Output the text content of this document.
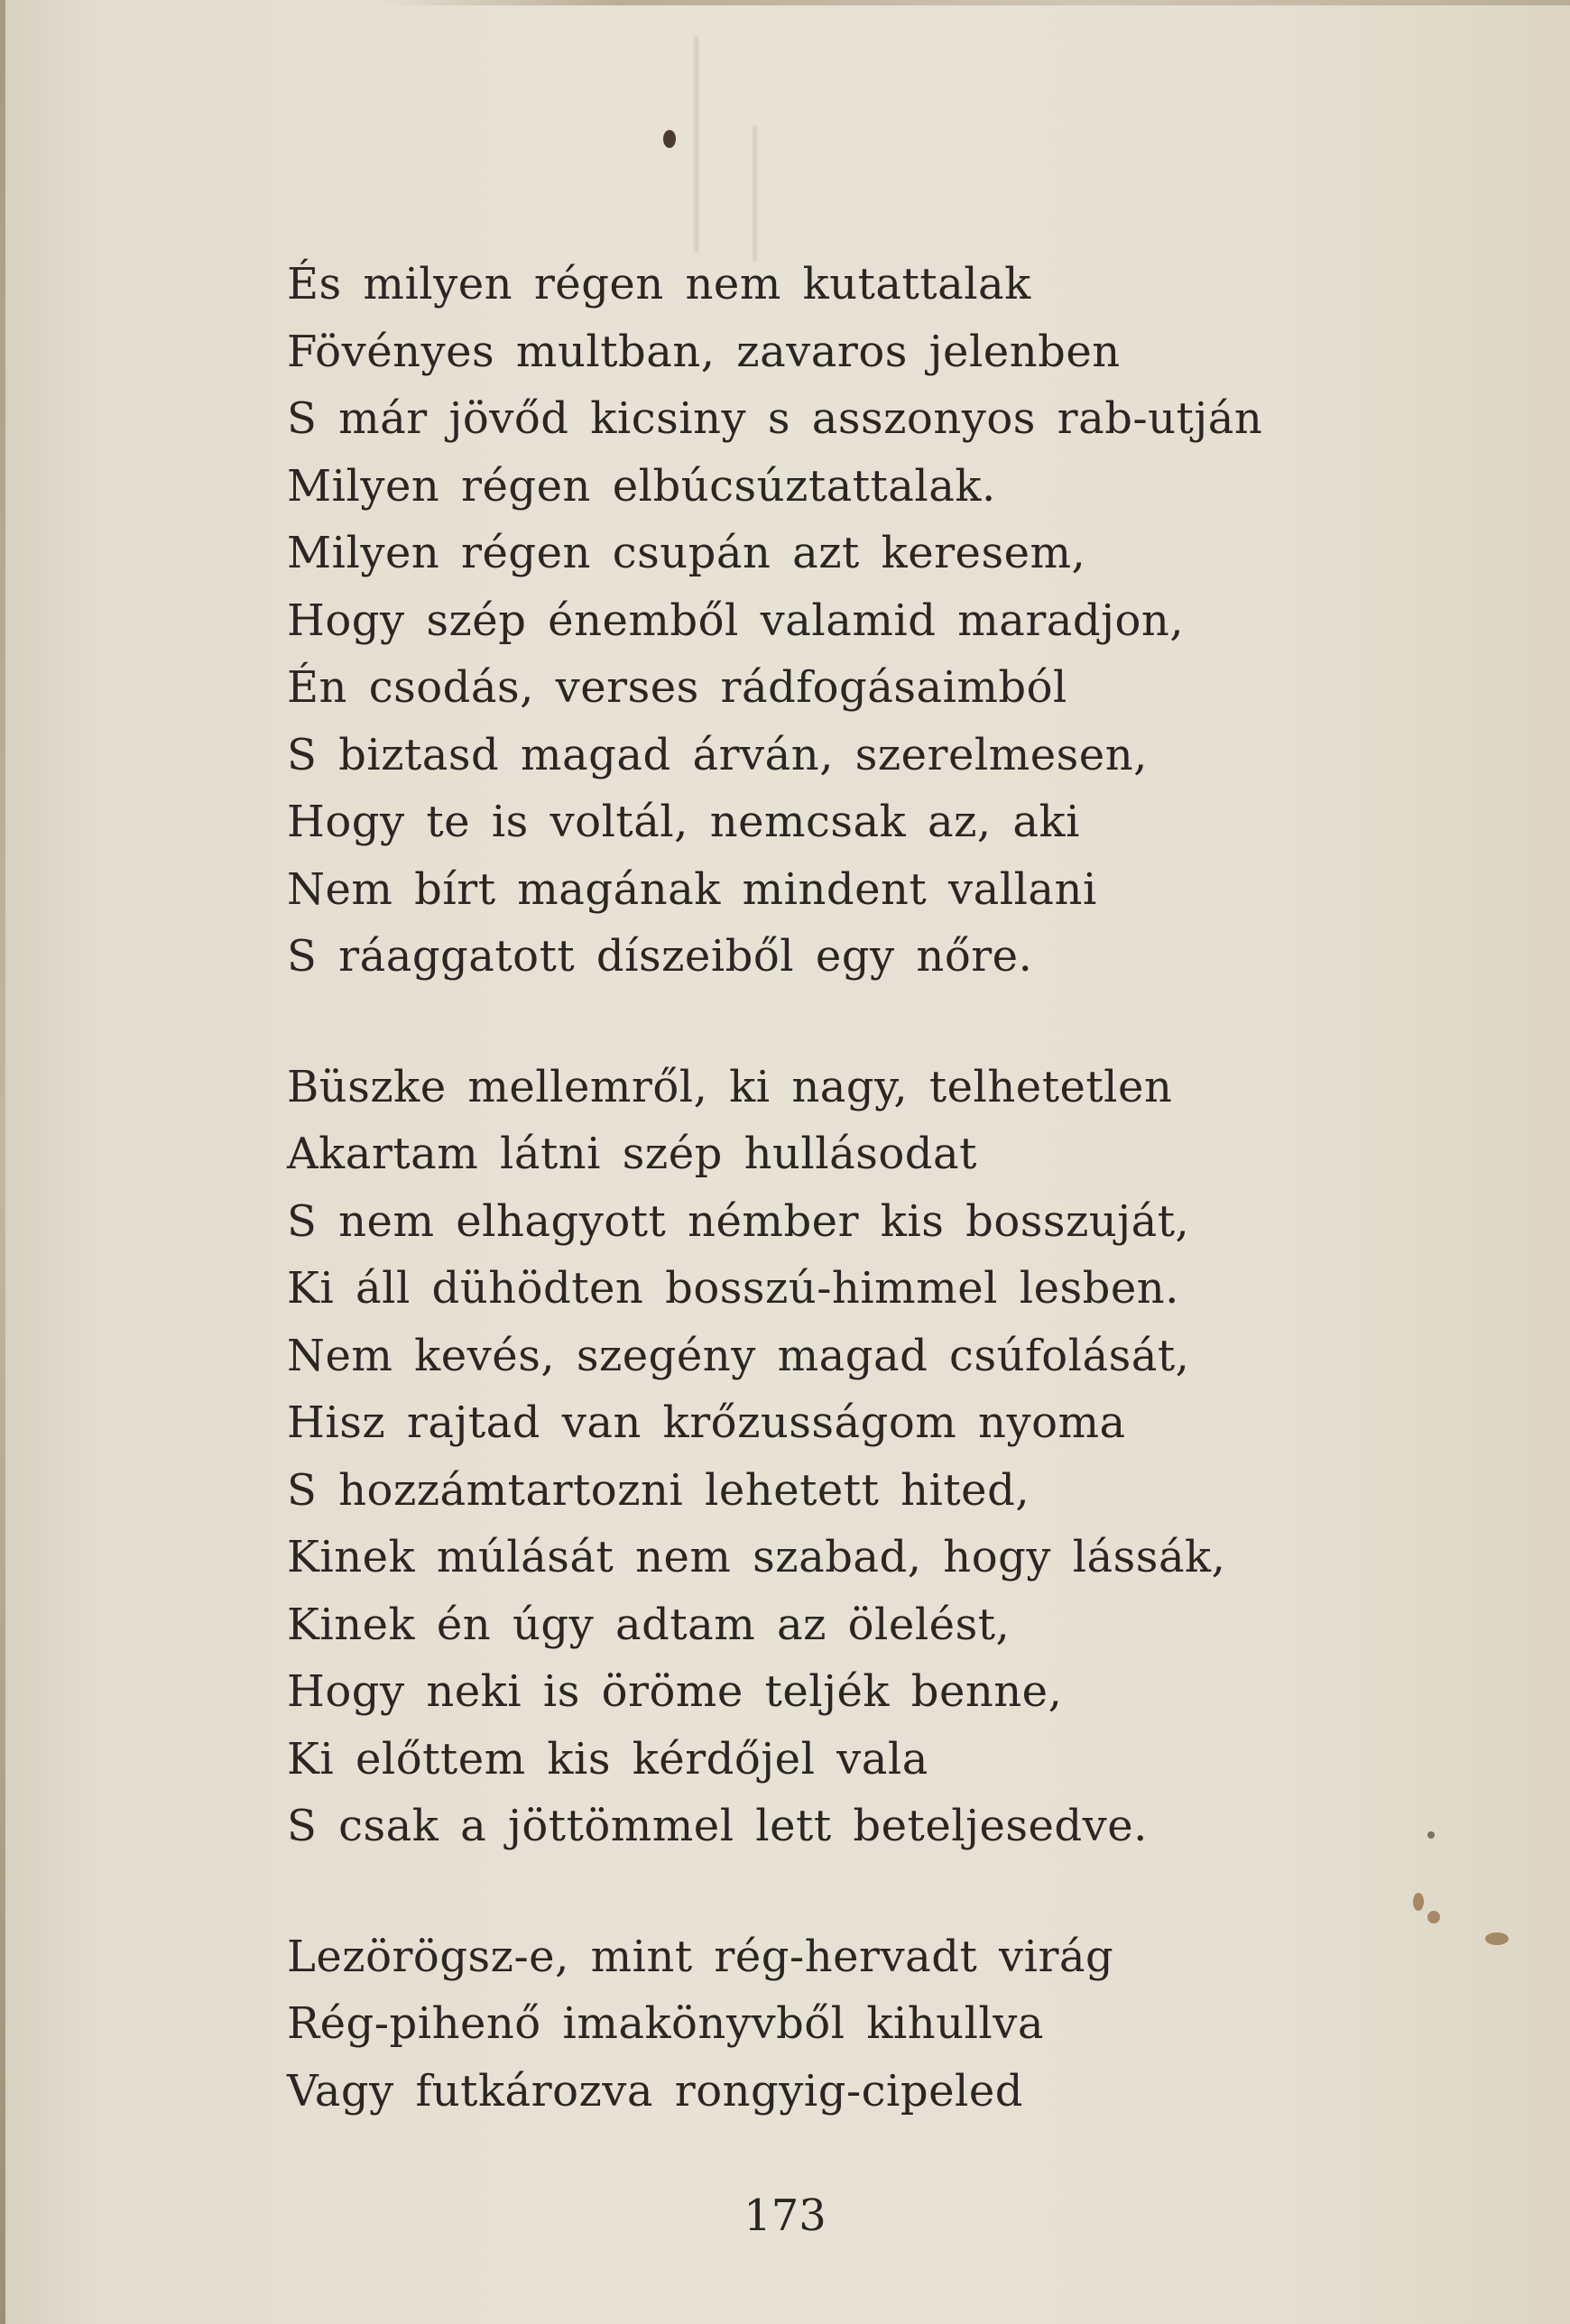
És milyen régen nem kutattalak
Fövényes multban, zavaros jelenben
S már jövőd kicsiny s asszonyos rab-utján
Milyen régen elbúcsúztattalak.
Milyen régen csupán azt keresem,
Hogy szép énemből valamid maradjon,
Én csodás, verses rádfogásaimból
S biztasd magad árván, szerelmesen,
Hogy te is voltál, nemcsak az, aki
Nem bírt magának mindent vallani
S ráaggatott díszeiből egy nőre.
Büszke mellemről, ki nagy, telhetetlen
Akartam látni szép hullásodat
S nem elhagyott némber kis bosszuját,
Ki áll dühödten bosszú-himmel lesben.
Nem kevés, szegény magad csúfolását,
Hisz rajtad van krőzusságom nyoma
S hozzámtartozni lehetett hited,
Kinek múlását nem szabad, hogy lássák,
Kinek én úgy adtam az ölelést,
Hogy neki is öröme teljék benne,
Ki előttem kis kérdőjel vala
S csak a jöttömmel lett beteljesedve.
Lezörögsz-e, mint rég-hervadt virág
Rég-pihenő imakönyvből kihullva
Vagy futkározva rongyig-cipeled
173
